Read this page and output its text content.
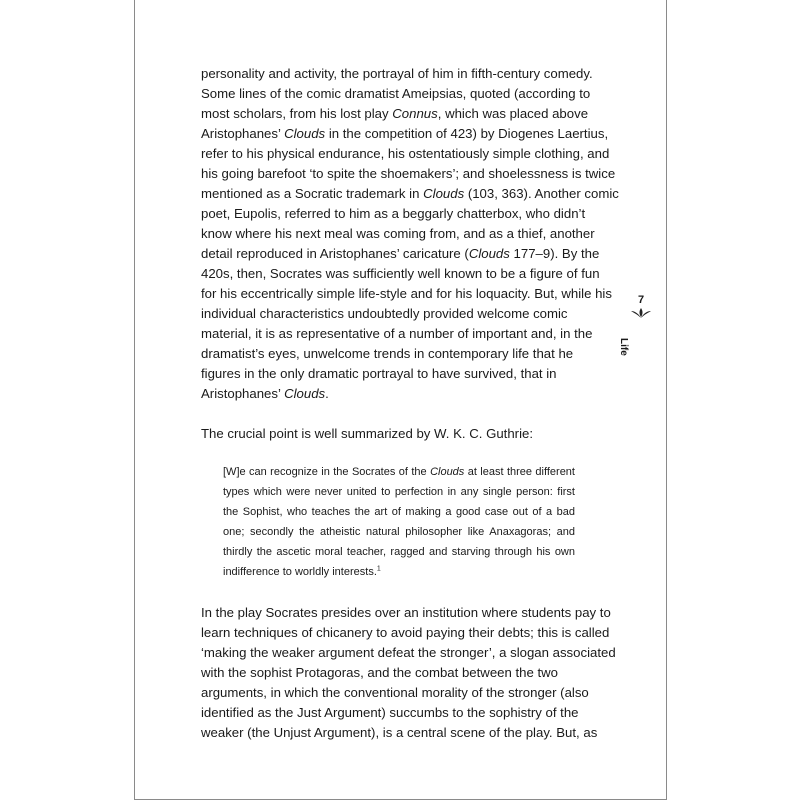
personality and activity, the portrayal of him in fifth-century comedy.
Some lines of the comic dramatist Ameipsias, quoted (according to
most scholars, from his lost play Connus, which was placed above
Aristophanes’ Clouds in the competition of 423) by Diogenes Laertius,
refer to his physical endurance, his ostentatiously simple clothing, and
his going barefoot ‘to spite the shoemakers’; and shoelessness is twice
mentioned as a Socratic trademark in Clouds (103, 363). Another comic
poet, Eupolis, referred to him as a beggarly chatterbox, who didn’t
know where his next meal was coming from, and as a thief, another
detail reproduced in Aristophanes’ caricature (Clouds 177–9). By the
420s, then, Socrates was sufficiently well known to be a figure of fun
for his eccentrically simple life-style and for his loquacity. But, while his
individual characteristics undoubtedly provided welcome comic
material, it is as representative of a number of important and, in the
dramatist’s eyes, unwelcome trends in contemporary life that he
figures in the only dramatic portrayal to have survived, that in
Aristophanes’ Clouds.

The crucial point is well summarized by W. K. C. Guthrie:

[W]e can recognize in the Socrates of the Clouds at least three different
types which were never united to perfection in any single person: first
the Sophist, who teaches the art of making a good case out of a bad
one; secondly the atheistic natural philosopher like Anaxagoras; and
thirdly the ascetic moral teacher, ragged and starving through his own
indifference to worldly interests.$^1$

In the play Socrates presides over an institution where students pay to
learn techniques of chicanery to avoid paying their debts; this is called
‘making the weaker argument defeat the stronger’, a slogan associated
with the sophist Protagoras, and the combat between the two
arguments, in which the conventional morality of the stronger (also
identified as the Just Argument) succumbs to the sophistry of the
weaker (the Unjust Argument), is a central scene of the play. But, as

7
Life
